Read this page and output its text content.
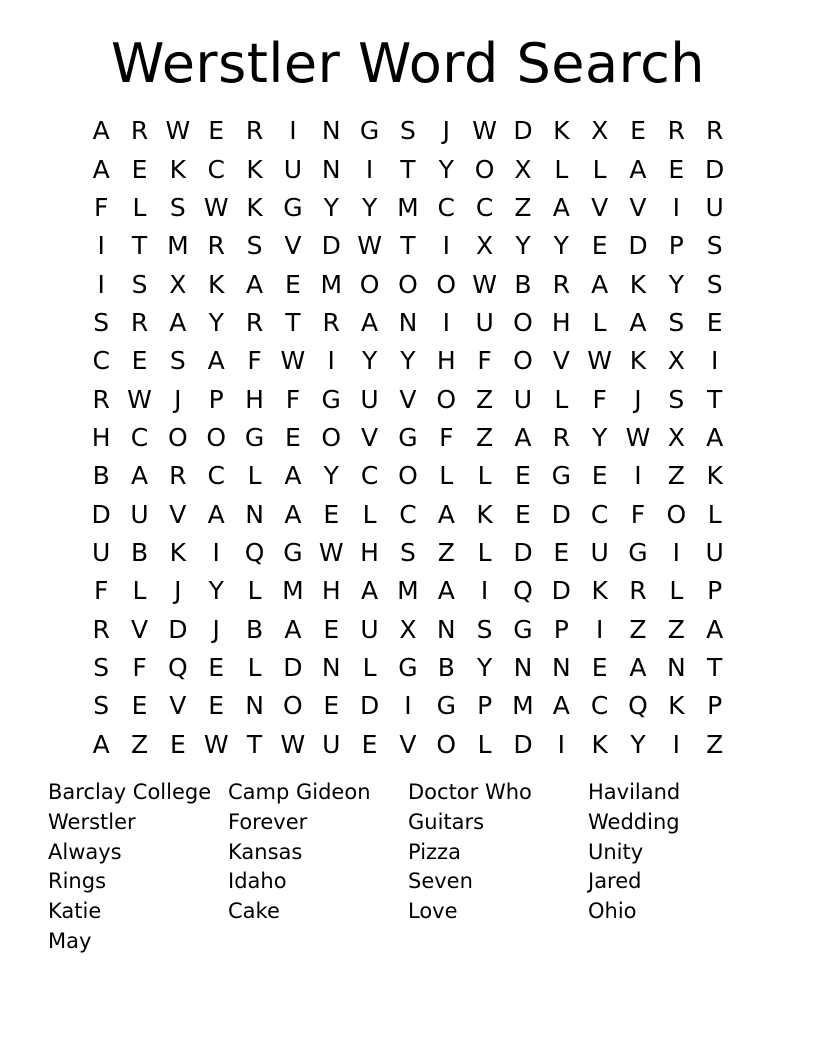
Werstler Word Search
A R W E R	I	N G S	J W D K X E R R
A E K C K U N	I	T Y O X L L A E D
F L S W K G Y Y M C C Z A V V	I	U
I	T M R S V D W T	I	X Y Y E D P S
I	S X K A E M O O O W B R A K Y S
S R A Y R T R A N	I	U O H L A S E
C E S A F W I	Y Y H F O V W K X	I
R W J	P H F G U V O Z U L F	J	S T
H C O O G E O V G F Z A R Y W X A
B A R C L A Y C O L L E G E	I	Z K
D U V A N A E L C A K E D C F O L
U B K	I Q G W H S Z L D E U G I	U
F L	J	Y L M H A M A	I Q D K R L P
R V D	J	B A E U X N S G P	I	Z Z A
S F Q E L D N L G B Y N N E A N T
S E V E N O E D	I G P M A C Q K P
A Z E W T W U E V O L D	I	K Y	I	Z
Barclay College
Werstler
Always
Rings
Katie
May
Camp Gideon
Forever
Kansas
Idaho
Cake
Doctor Who
Guitars
Pizza
Seven
Love
Haviland
Wedding
Unity
Jared
Ohio
